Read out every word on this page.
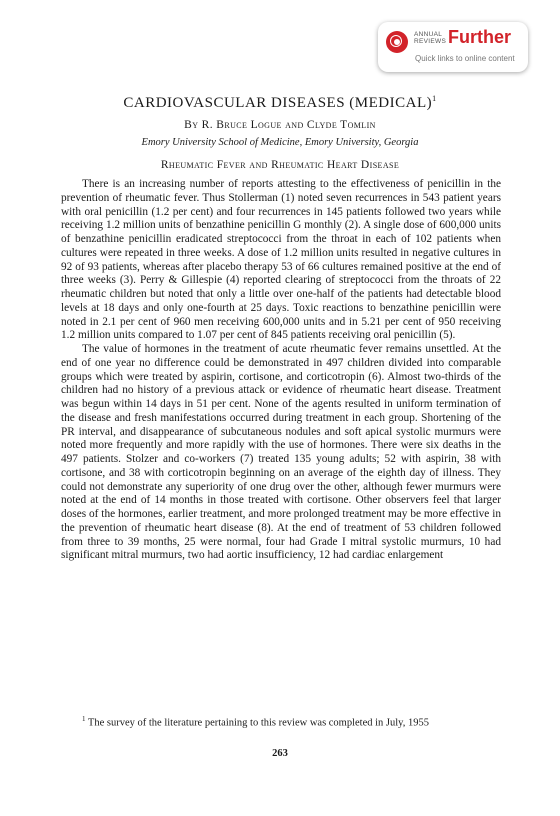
ANNUAL REVIEWS Further
Quick links to online content
CARDIOVASCULAR DISEASES (MEDICAL)$^1$
By R. Bruce Logue and Clyde Tomlin
Emory University School of Medicine, Emory University, Georgia
Rheumatic Fever and Rheumatic Heart Disease

There is an increasing number of reports attesting to the effectiveness of penicillin in the prevention of rheumatic fever. Thus Stollerman (1) noted seven recurrences in 543 patient years with oral penicillin (1.2 per cent) and four recurrences in 145 patients followed two years while receiving 1.2 million units of benzathine penicillin G monthly (2). A single dose of 600,000 units of benzathine penicillin eradicated streptococci from the throat in each of 102 patients when cultures were repeated in three weeks. A dose of 1.2 million units resulted in negative cultures in 92 of 93 patients, whereas after placebo therapy 53 of 66 cultures remained positive at the end of three weeks (3). Perry & Gillespie (4) reported clearing of streptococci from the throats of 22 rheumatic children but noted that only a little over one-half of the patients had detectable blood levels at 18 days and only one-fourth at 25 days. Toxic reactions to benzathine penicillin were noted in 2.1 per cent of 960 men receiving 600,000 units and in 5.21 per cent of 950 receiving 1.2 million units compared to 1.07 per cent of 845 patients receiving oral penicillin (5).

The value of hormones in the treatment of acute rheumatic fever remains unsettled. At the end of one year no difference could be demonstrated in 497 children divided into comparable groups which were treated by aspirin, cortisone, and corticotropin (6). Almost two-thirds of the children had no history of a previous attack or evidence of rheumatic heart disease. Treatment was begun within 14 days in 51 per cent. None of the agents resulted in uniform termination of the disease and fresh manifestations occurred during treatment in each group. Shortening of the PR interval, and disappearance of subcutaneous nodules and soft apical systolic murmurs were noted more frequently and more rapidly with the use of hormones. There were six deaths in the 497 patients. Stolzer and co-workers (7) treated 135 young adults; 52 with aspirin, 38 with cortisone, and 38 with corticotropin beginning on an average of the eighth day of illness. They could not demonstrate any superiority of one drug over the other, although fewer murmurs were noted at the end of 14 months in those treated with cortisone. Other observers feel that larger doses of the hormones, earlier treatment, and more prolonged treatment may be more effective in the prevention of rheumatic heart disease (8). At the end of treatment of 53 children followed from three to 39 months, 25 were normal, four had Grade I mitral systolic murmurs, 10 had significant mitral murmurs, two had aortic insufficiency, 12 had cardiac enlargement

$^1$ The survey of the literature pertaining to this review was completed in July, 1955

263
